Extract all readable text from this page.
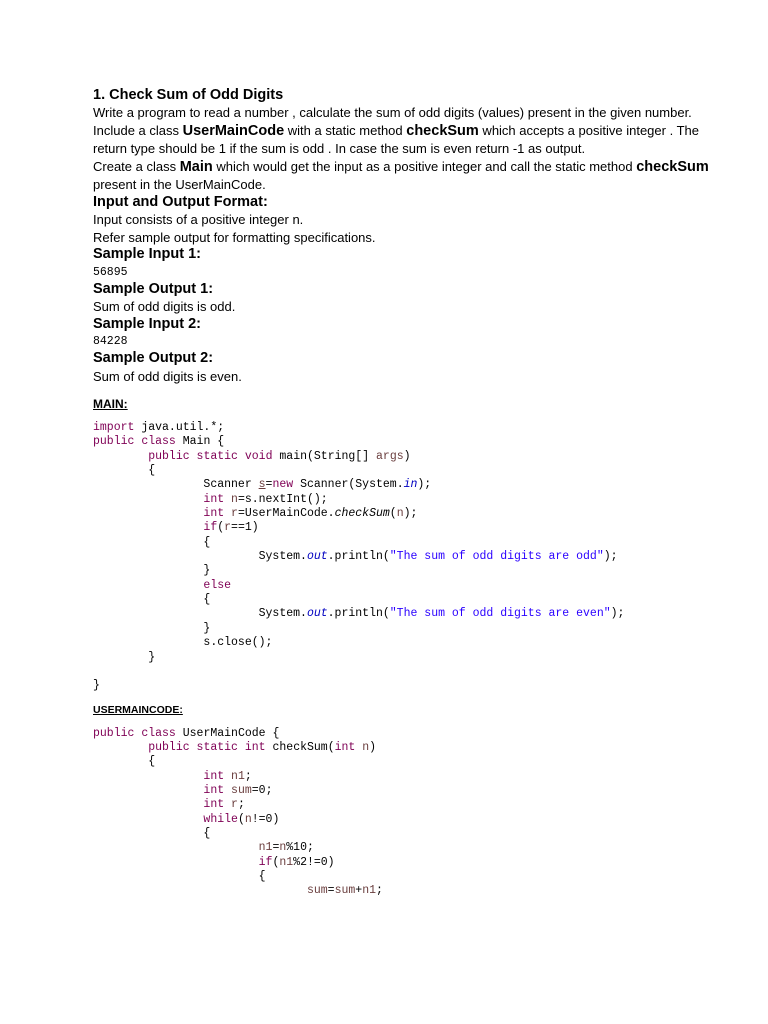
1. Check Sum of Odd Digits

Write a program to read a number , calculate the sum of odd digits (values) present in the given number.

Include a class UserMainCode with a static method checkSum which accepts a positive integer . The return type should be 1 if the sum is odd . In case the sum is even return -1 as output.

Create a class Main which would get the input as a positive integer and call the static method checkSum present in the UserMainCode.

Input and Output Format:

Input consists of a positive integer n.

Refer sample output for formatting specifications.

Sample Input 1:

56895

Sample Output 1:

Sum of odd digits is odd.

Sample Input 2:

84228

Sample Output 2:

Sum of odd digits is even.

MAIN:

import java.util.*;
public class Main {
public static void main(String[] args)
{
Scanner s=new Scanner(System.in);
int n=s.nextInt();
int r=UserMainCode.checkSum(n);
if(r==1)
{
System.out.println("The sum of odd digits are odd");
}
else
{
System.out.println("The sum of odd digits are even");
}
s.close();
}

}

USERMAINCODE:

public class UserMainCode {
public static int checkSum(int n)
{
int n1;
int sum=0;
int r;
while(n!=0)
{
n1=n%10;
if(n1%2!=0)
{
sum=sum+n1;
